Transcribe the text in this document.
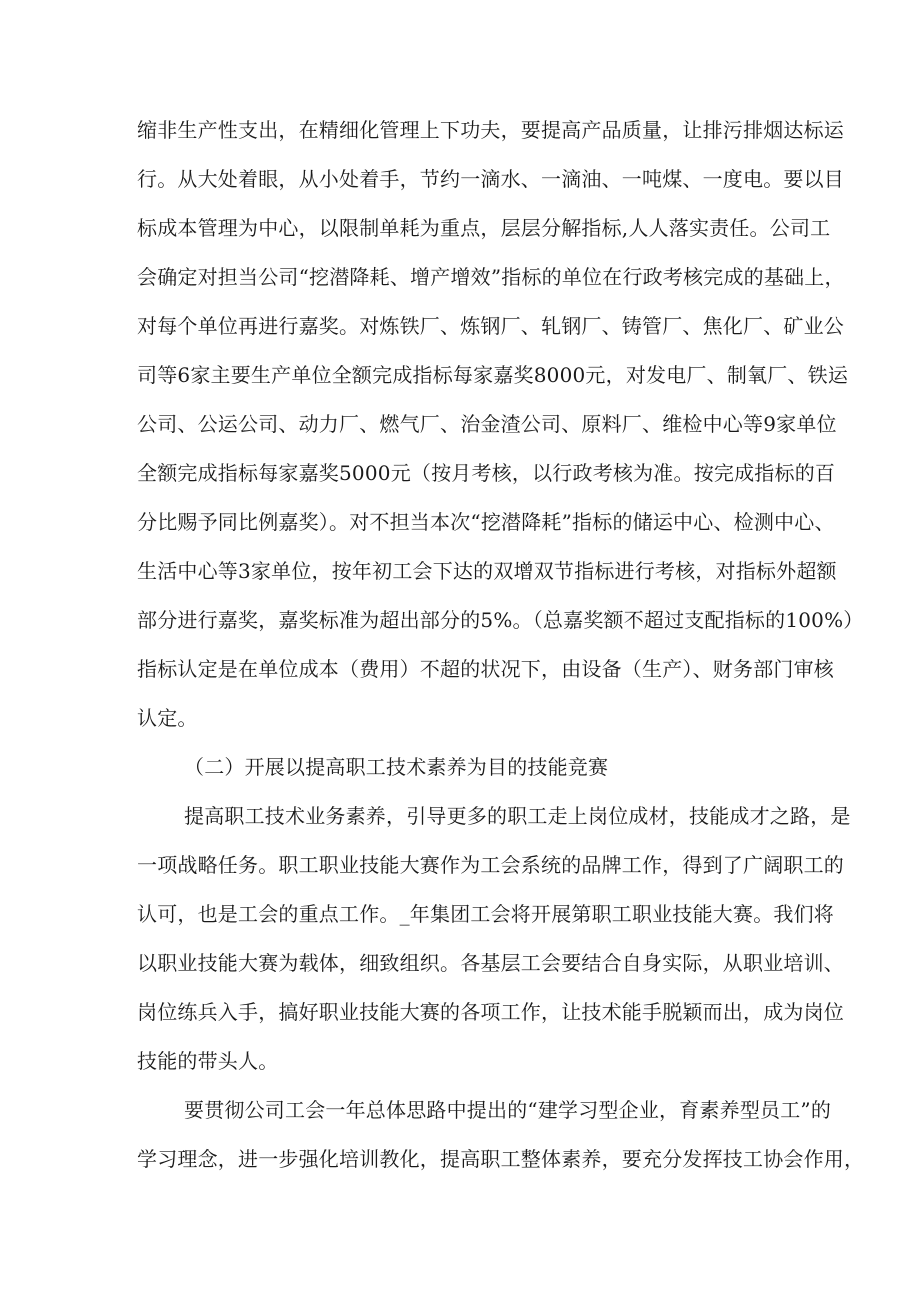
缩非生产性支出，在精细化管理上下功夫，要提高产品质量，让排污排烟达标运
行。从大处着眼，从小处着手，节约一滴水、一滴油、一吨煤、一度电。要以目
标成本管理为中心，以限制单耗为重点，层层分解指标,人人落实责任。公司工
会确定对担当公司“挖潜降耗、增产增效”指标的单位在行政考核完成的基础上，
对每个单位再进行嘉奖。对炼铁厂、炼钢厂、轧钢厂、铸管厂、焦化厂、矿业公
司等6家主要生产单位全额完成指标每家嘉奖8000元，对发电厂、制氧厂、铁运
公司、公运公司、动力厂、燃气厂、治金渣公司、原料厂、维检中心等9家单位
全额完成指标每家嘉奖5000元（按月考核，以行政考核为准。按完成指标的百
分比赐予同比例嘉奖）。对不担当本次“挖潜降耗”指标的储运中心、检测中心、
生活中心等3家单位，按年初工会下达的双增双节指标进行考核，对指标外超额
部分进行嘉奖，嘉奖标准为超出部分的5%。（总嘉奖额不超过支配指标的100%）
指标认定是在单位成本（费用）不超的状况下，由设备（生产）、财务部门审核
认定。
（二）开展以提高职工技术素养为目的技能竞赛
提高职工技术业务素养，引导更多的职工走上岗位成材，技能成才之路，是
一项战略任务。职工职业技能大赛作为工会系统的品牌工作，得到了广阔职工的
认可，也是工会的重点工作。_年集团工会将开展第职工职业技能大赛。我们将
以职业技能大赛为载体，细致组织。各基层工会要结合自身实际，从职业培训、
岗位练兵入手，搞好职业技能大赛的各项工作，让技术能手脱颖而出，成为岗位
技能的带头人。
要贯彻公司工会一年总体思路中提出的“建学习型企业，育素养型员工”的
学习理念，进一步强化培训教化，提高职工整体素养，要充分发挥技工协会作用，
